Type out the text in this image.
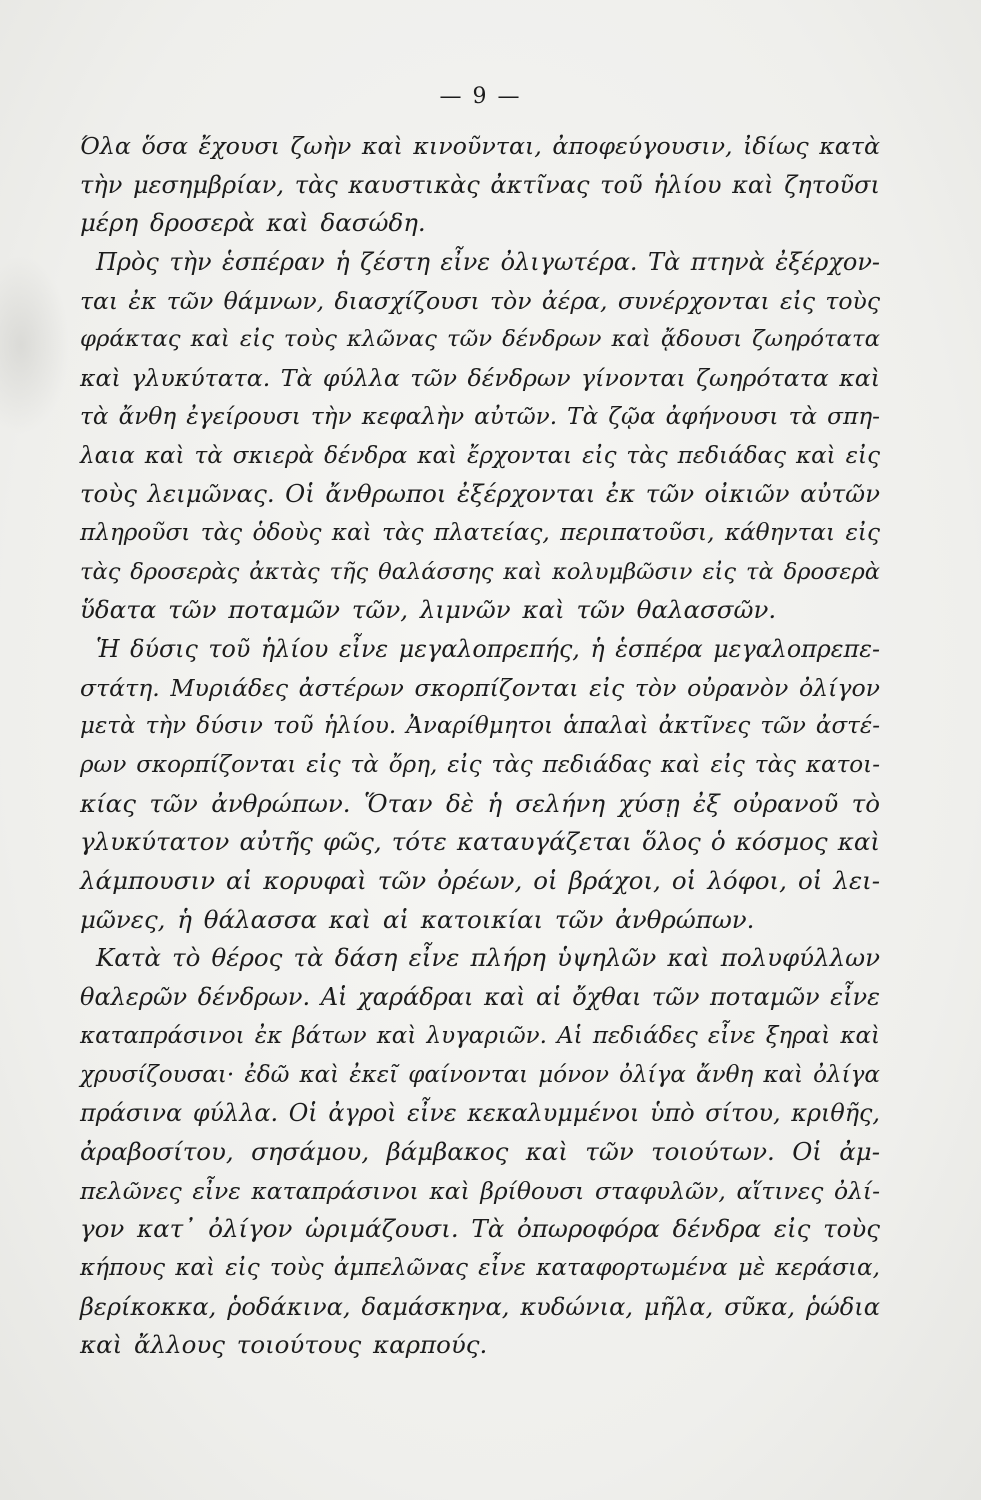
— 9 —
Όλα ὅσα ἔχουσι ζωὴν καὶ κινοῦνται, ἀποφεύγουσιν, ἰδίως κατὰ
τὴν μεσημβρίαν, τὰς καυστικὰς ἀκτῖνας τοῦ ἡλίου καὶ ζητοῦσι
μέρη δροσερὰ καὶ δασώδη.
Πρὸς τὴν ἑσπέραν ἡ ζέστη εἶνε ὀλιγωτέρα. Τὰ πτηνὰ ἐξέρχον-
ται ἐκ τῶν θάμνων, διασχίζουσι τὸν ἀέρα, συνέρχονται εἰς τοὺς
φράκτας καὶ εἰς τοὺς κλῶνας τῶν δένδρων καὶ ᾄδουσι ζωηρότατα
καὶ γλυκύτατα. Τὰ φύλλα τῶν δένδρων γίνονται ζωηρότατα καὶ
τὰ ἄνθη ἐγείρουσι τὴν κεφαλὴν αὐτῶν. Τὰ ζῷα ἀφήνουσι τὰ σπη-
λαια καὶ τὰ σκιερὰ δένδρα καὶ ἔρχονται εἰς τὰς πεδιάδας καὶ εἰς
τοὺς λειμῶνας. Οἱ ἄνθρωποι ἐξέρχονται ἐκ τῶν οἰκιῶν αὐτῶν
πληροῦσι τὰς ὁδοὺς καὶ τὰς πλατείας, περιπατοῦσι, κάθηνται εἰς
τὰς δροσερὰς ἀκτὰς τῆς θαλάσσης καὶ κολυμβῶσιν εἰς τὰ δροσερὰ
ὕδατα τῶν ποταμῶν τῶν, λιμνῶν καὶ τῶν θαλασσῶν.
Ἡ δύσις τοῦ ἡλίου εἶνε μεγαλοπρεπής, ἡ ἑσπέρα μεγαλοπρεπε-
στάτη. Μυριάδες ἀστέρων σκορπίζονται εἰς τὸν οὐρανὸν ὀλίγον
μετὰ τὴν δύσιν τοῦ ἡλίου. Ἀναρίθμητοι ἁπαλαὶ ἀκτῖνες τῶν ἀστέ-
ρων σκορπίζονται εἰς τὰ ὄρη, εἰς τὰς πεδιάδας καὶ εἰς τὰς κατοι-
κίας τῶν ἀνθρώπων. Ὅταν δὲ ἡ σελήνη χύσῃ ἐξ οὐρανοῦ τὸ
γλυκύτατον αὐτῆς φῶς, τότε καταυγάζεται ὅλος ὁ κόσμος καὶ
λάμπουσιν αἱ κορυφαὶ τῶν ὀρέων, οἱ βράχοι, οἱ λόφοι, οἱ λει-
μῶνες, ἡ θάλασσα καὶ αἱ κατοικίαι τῶν ἀνθρώπων.
Κατὰ τὸ θέρος τὰ δάση εἶνε πλήρη ὑψηλῶν καὶ πολυφύλλων
θαλερῶν δένδρων. Αἱ χαράδραι καὶ αἱ ὄχθαι τῶν ποταμῶν εἶνε
καταπράσινοι ἐκ βάτων καὶ λυγαριῶν. Αἱ πεδιάδες εἶνε ξηραὶ καὶ
χρυσίζουσαι· ἐδῶ καὶ ἐκεῖ φαίνονται μόνον ὀλίγα ἄνθη καὶ ὀλίγα
πράσινα φύλλα. Οἱ ἀγροὶ εἶνε κεκαλυμμένοι ὑπὸ σίτου, κριθῆς,
ἀραβοσίτου, σησάμου, βάμβακος καὶ τῶν τοιούτων. Οἱ ἀμ-
πελῶνες εἶνε καταπράσινοι καὶ βρίθουσι σταφυλῶν, αἵτινες ὀλί-
γον κατ᾽ ὀλίγον ὡριμάζουσι. Τὰ ὀπωροφόρα δένδρα εἰς τοὺς
κήπους καὶ εἰς τοὺς ἀμπελῶνας εἶνε καταφορτωμένα μὲ κεράσια,
βερίκοκκα, ῥοδάκινα, δαμάσκηνα, κυδώνια, μῆλα, σῦκα, ῥώδια
καὶ ἄλλους τοιούτους καρπούς.
